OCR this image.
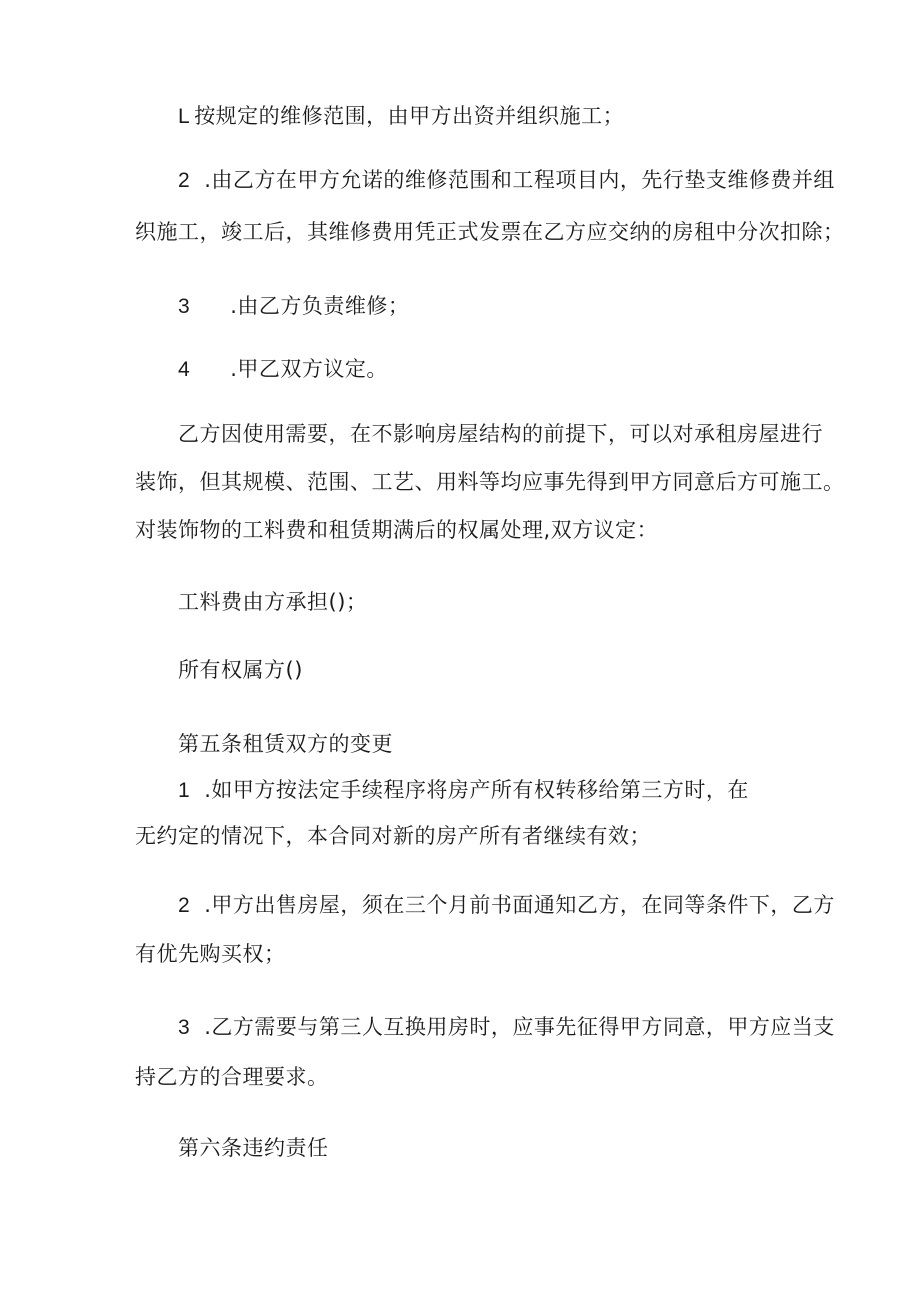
L 按规定的维修范围，由甲方出资并组织施工；
2 .由乙方在甲方允诺的维修范围和工程项目内，先行垫支维修费并组
织施工，竣工后，其维修费用凭正式发票在乙方应交纳的房租中分次扣除；
3 .由乙方负责维修；
4 .甲乙双方议定。
乙方因使用需要，在不影响房屋结构的前提下，可以对承租房屋进行
装饰，但其规模、范围、工艺、用料等均应事先得到甲方同意后方可施工。
对装饰物的工料费和租赁期满后的权属处理,双方议定：
工料费由方承担()；
所有权属方()
第五条租赁双方的变更
1 .如甲方按法定手续程序将房产所有权转移给第三方时，在
无约定的情况下，本合同对新的房产所有者继续有效；
2 .甲方出售房屋，须在三个月前书面通知乙方，在同等条件下，乙方
有优先购买权；
3 .乙方需要与第三人互换用房时，应事先征得甲方同意，甲方应当支
持乙方的合理要求。
第六条违约责任
